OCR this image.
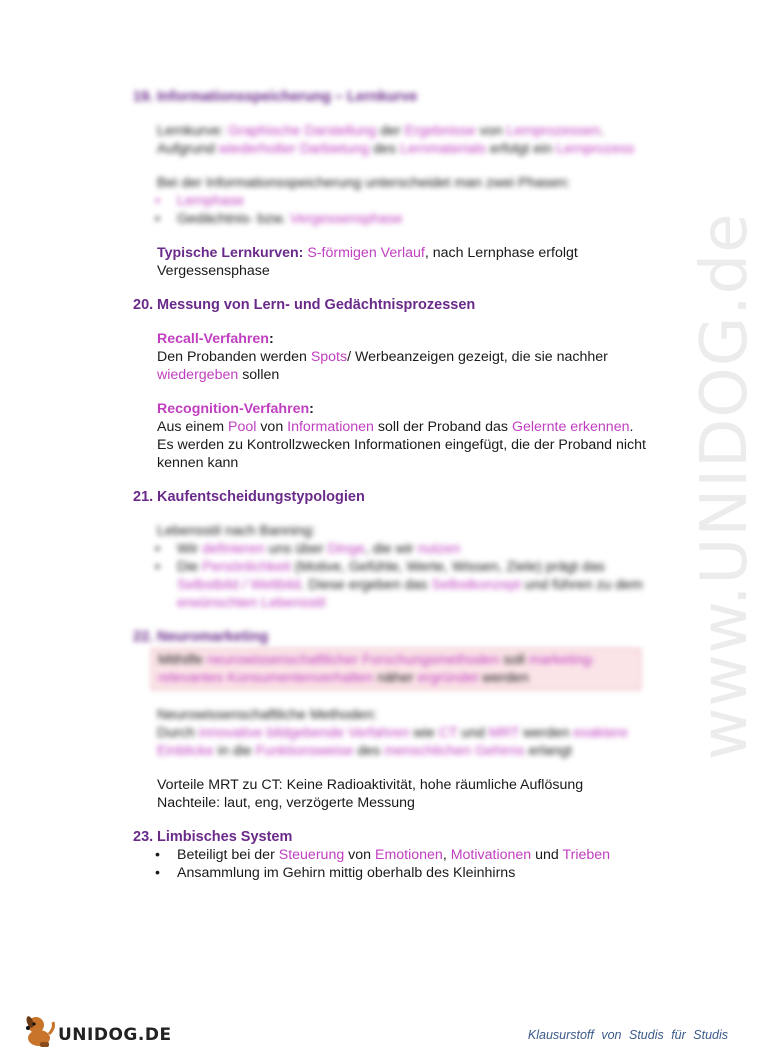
www.UNIDOG.de

19. Informationsspeicherung – Lernkurve

Lernkurve: Graphische Darstellung der Ergebnisse von Lernprozessen. Aufgrund wiederholter Darbietung des Lernmaterials erfolgt ein Lernprozess

Bei der Informationsspeicherung unterscheidet man zwei Phasen:

• Lernphase
• Gedächtnis- bzw. Vergessensphase

Typische Lernkurven: S-förmigen Verlauf, nach Lernphase erfolgt Vergessensphase

20. Messung von Lern- und Gedächtnisprozessen

Recall-Verfahren:

Den Probanden werden Spots/ Werbeanzeigen gezeigt, die sie nachher wiedergeben sollen

Recognition-Verfahren:

Aus einem Pool von Informationen soll der Proband das Gelernte erkennen. Es werden zu Kontrollzwecken Informationen eingefügt, die der Proband nicht kennen kann

21. Kaufentscheidungstypologien

Lebensstil nach Banning:

• Wir definieren uns über Dinge, die wir nutzen
• Die Persönlichkeit (Motive, Gefühle, Werte, Wissen, Ziele) prägt das Selbstbild / Weltbild. Diese ergeben das Selbstkonzept und führen zu dem erwünschten Lebensstil

22. Neuromarketing

Mithilfe neurowissenschaftlicher Forschungsmethoden soll marketing-relevantes Konsumentenverhalten näher ergründet werden

Neurowissenschaftliche Methoden:

Durch innovative bildgebende Verfahren wie CT und MRT werden exaktere Einblicke in die Funktionsweise des menschlichen Gehirns erlangt

Vorteile MRT zu CT: Keine Radioaktivität, hohe räumliche Auflösung

Nachteile: laut, eng, verzögerte Messung

23. Limbisches System

• Beteiligt bei der Steuerung von Emotionen, Motivationen und Trieben
• Ansammlung im Gehirn mittig oberhalb des Kleinhirns
UNIDOG.DE	Klausurstoff von Studis für Studis
